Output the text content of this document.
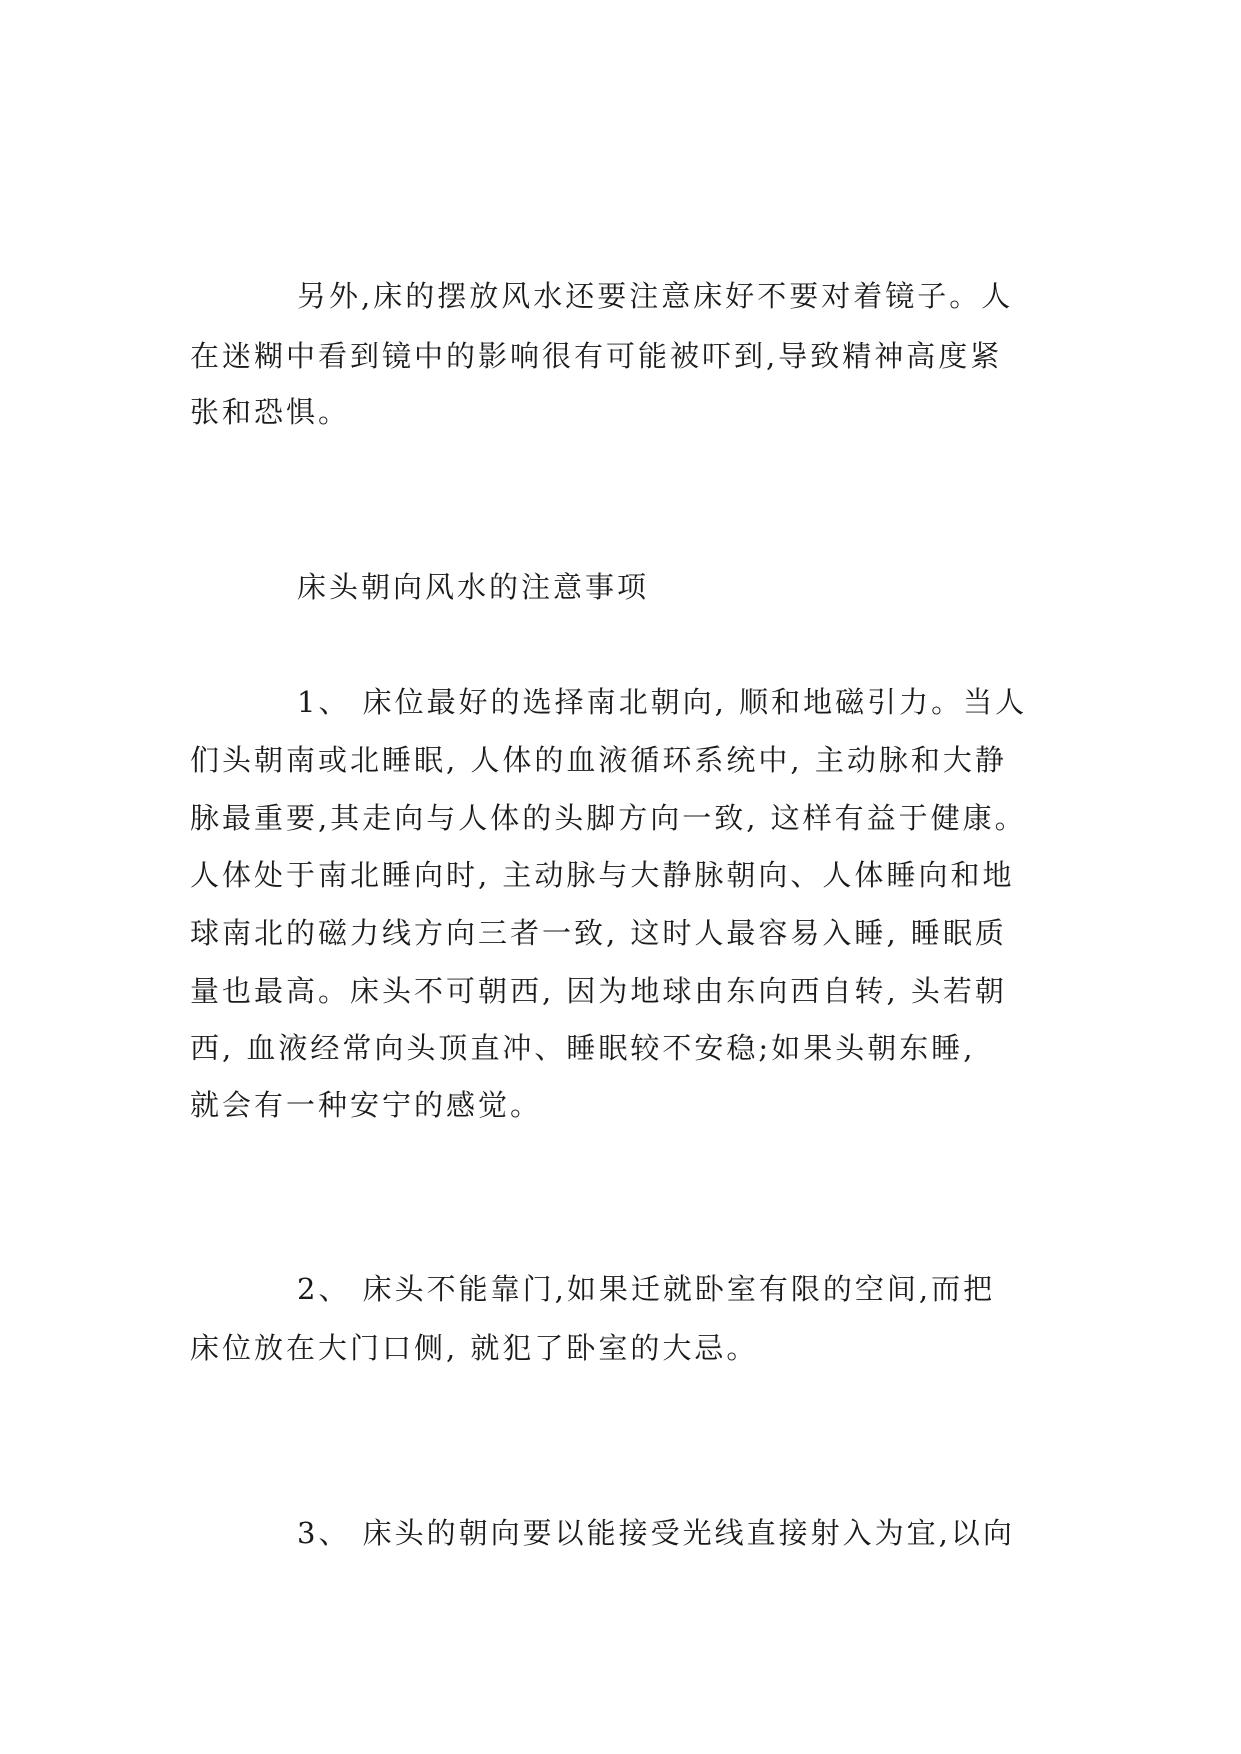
另外,床的摆放风水还要注意床好不要对着镜子。人
在迷糊中看到镜中的影响很有可能被吓到,导致精神高度紧
张和恐惧。
床头朝向风水的注意事项
1、 床位最好的选择南北朝向, 顺和地磁引力。当人
们头朝南或北睡眠, 人体的血液循环系统中, 主动脉和大静
脉最重要,其走向与人体的头脚方向一致, 这样有益于健康。
人体处于南北睡向时, 主动脉与大静脉朝向、人体睡向和地
球南北的磁力线方向三者一致, 这时人最容易入睡, 睡眠质
量也最高。床头不可朝西, 因为地球由东向西自转, 头若朝
西, 血液经常向头顶直冲、睡眠较不安稳;如果头朝东睡,
就会有一种安宁的感觉。
2、 床头不能靠门,如果迁就卧室有限的空间,而把
床位放在大门口侧, 就犯了卧室的大忌。
3、 床头的朝向要以能接受光线直接射入为宜,以向
